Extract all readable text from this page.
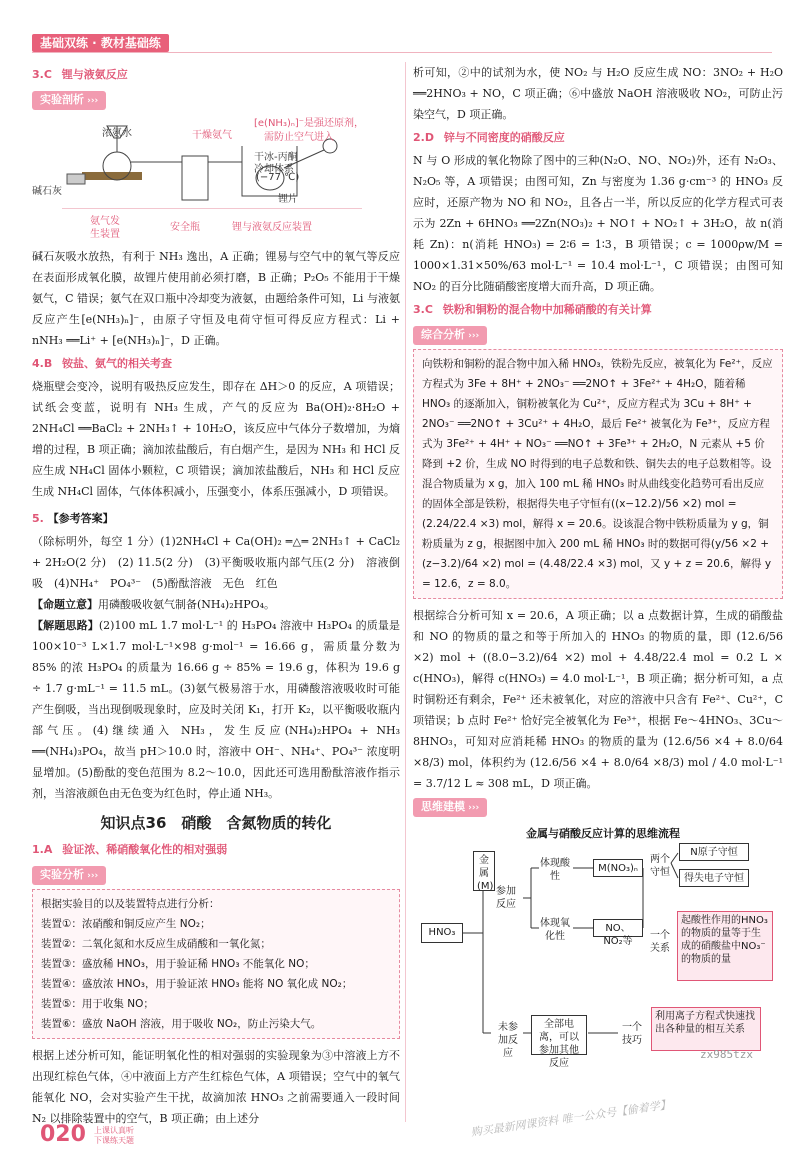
基础双练 · 教材基础练
3.C 锂与液氨反应
实验剖析 ›››
浓氨水	干燥氨气
[e(NH₃)ₙ]⁻是强还原剂，
需防止空气进入
干冰-丙酮
冷却体系
(−77 ℃)
碱石灰
锂片
氨气发
生装置
安全瓶	锂与液氨反应装置

碱石灰吸水放热，有利于 NH₃ 逸出，A 正确；锂易与空气中的氧气等反应在表面形成氧化膜，故锂片使用前必须打磨，B 正确；P₂O₅ 不能用于干燥氨气，C 错误；氨气在双口瓶中冷却变为液氨，由题给条件可知，Li 与液氨反应产生[e(NH₃)ₙ]⁻，由原子守恒及电荷守恒可得反应方程式：Li + nNH₃ ══Li⁺ + [e(NH₃)ₙ]⁻，D 正确。

4.B 铵盐、氨气的相关考查

烧瓶壁会变冷，说明有吸热反应发生，即存在 ΔH＞0 的反应，A 项错误；试纸会变蓝，说明有 NH₃ 生成，产气的反应为 Ba(OH)₂·8H₂O + 2NH₄Cl ══BaCl₂ + 2NH₃↑ + 10H₂O，该反应中气体分子数增加，为熵增的过程，B 项正确；滴加浓盐酸后，有白烟产生，是因为 NH₃ 和 HCl 反应生成 NH₄Cl 固体小颗粒，C 项错误；滴加浓盐酸后，NH₃ 和 HCl 反应生成 NH₄Cl 固体，气体体积减小，压强变小，体系压强减小，D 项错误。

5. 【参考答案】

（除标明外，每空 1 分）(1)2NH₄Cl + Ca(OH)₂ ═△═ 2NH₃↑ + CaCl₂ + 2H₂O(2 分)　(2) 11.5(2 分)　(3)平衡吸收瓶内部气压(2 分)　溶液倒吸　(4)NH₄⁺　PO₄³⁻　(5)酚酞溶液　无色　红色

【命题立意】用磷酸吸收氨气制备(NH₄)₂HPO₄。

【解题思路】(2)100 mL 1.7 mol·L⁻¹ 的 H₃PO₄ 溶液中 H₃PO₄ 的质量是 100×10⁻³ L×1.7 mol·L⁻¹×98 g·mol⁻¹ = 16.66 g，需质量分数为 85% 的浓 H₃PO₄ 的质量为 16.66 g ÷ 85% = 19.6 g，体积为 19.6 g ÷ 1.7 g·mL⁻¹ = 11.5 mL。(3)氨气极易溶于水，用磷酸溶液吸收时可能产生倒吸，当出现倒吸现象时，应及时关闭 K₁，打开 K₂，以平衡吸收瓶内部气压。(4)继续通入 NH₃，发生反应(NH₄)₂HPO₄ + NH₃ ══(NH₄)₃PO₄，故当 pH＞10.0 时，溶液中 OH⁻、NH₄⁺、PO₄³⁻ 浓度明显增加。(5)酚酞的变色范围为 8.2～10.0，因此还可选用酚酞溶液作指示剂，当溶液颜色由无色变为红色时，停止通 NH₃。

知识点36　硝酸　含氮物质的转化
1.A 验证浓、稀硝酸氧化性的相对强弱
实验分析 ›››

根据实验目的以及装置特点进行分析：

装置①：浓硝酸和铜反应产生 NO₂；

装置②：二氧化氮和水反应生成硝酸和一氧化氮；

装置③：盛放稀 HNO₃，用于验证稀 HNO₃ 不能氧化 NO；

装置④：盛放浓 HNO₃，用于验证浓 HNO₃ 能将 NO 氧化成 NO₂；

装置⑤：用于收集 NO；

装置⑥：盛放 NaOH 溶液，用于吸收 NO₂，防止污染大气。

根据上述分析可知，能证明氧化性的相对强弱的实验现象为③中溶液上方不出现红棕色气体，④中液面上方产生红棕色气体，A 项错误；空气中的氧气能氧化 NO，会对实验产生干扰，故滴加浓 HNO₃ 之前需要通入一段时间 N₂ 以排除装置中的空气，B 项正确；由上述分

析可知，②中的试剂为水，使 NO₂ 与 H₂O 反应生成 NO：3NO₂ + H₂O ══2HNO₃ + NO，C 项正确；⑥中盛放 NaOH 溶液吸收 NO₂，可防止污染空气，D 项正确。

2.D 锌与不同密度的硝酸反应

N 与 O 形成的氧化物除了图中的三种(N₂O、NO、NO₂)外，还有 N₂O₃、N₂O₅ 等，A 项错误；由图可知，Zn 与密度为 1.36 g·cm⁻³ 的 HNO₃ 反应时，还原产物为 NO 和 NO₂，且各占一半，所以反应的化学方程式可表示为 2Zn + 6HNO₃ ══2Zn(NO₃)₂ + NO↑ + NO₂↑ + 3H₂O，故 n(消耗 Zn)：n(消耗 HNO₃) = 2∶6 = 1∶3，B 项错误；c = 1000ρw/M = 1000×1.31×50%/63 mol·L⁻¹ = 10.4 mol·L⁻¹，C 项错误；由图可知 NO₂ 的百分比随硝酸密度增大而升高，D 项正确。

3.C 铁粉和铜粉的混合物中加稀硝酸的有关计算
综合分析 ›››

向铁粉和铜粉的混合物中加入稀 HNO₃，铁粉先反应，被氧化为 Fe²⁺，反应方程式为 3Fe + 8H⁺ + 2NO₃⁻ ══2NO↑ + 3Fe²⁺ + 4H₂O，随着稀 HNO₃ 的逐渐加入，铜粉被氧化为 Cu²⁺，反应方程式为 3Cu + 8H⁺ + 2NO₃⁻ ══2NO↑ + 3Cu²⁺ + 4H₂O，最后 Fe²⁺ 被氧化为 Fe³⁺，反应方程式为 3Fe²⁺ + 4H⁺ + NO₃⁻ ══NO↑ + 3Fe³⁺ + 2H₂O，N 元素从 +5 价降到 +2 价，生成 NO 时得到的电子总数和铁、铜失去的电子总数相等。设混合物质量为 x g，加入 100 mL 稀 HNO₃ 时从曲线变化趋势可看出反应的固体全部是铁粉，根据得失电子守恒有((x−12.2)/56 ×2) mol = (2.24/22.4 ×3) mol，解得 x = 20.6。设该混合物中铁粉质量为 y g，铜粉质量为 z g，根据图中加入 200 mL 稀 HNO₃ 时的数据可得(y/56 ×2 + (z−3.2)/64 ×2) mol = (4.48/22.4 ×3) mol，又 y + z = 20.6，解得 y = 12.6，z = 8.0。

根据综合分析可知 x = 20.6，A 项正确；以 a 点数据计算，生成的硝酸盐和 NO 的物质的量之和等于所加入的 HNO₃ 的物质的量，即 (12.6/56 ×2) mol + ((8.0−3.2)/64 ×2) mol + 4.48/22.4 mol = 0.2 L × c(HNO₃)，解得 c(HNO₃) = 4.0 mol·L⁻¹，B 项正确；据分析可知，a 点时铜粉还有剩余，Fe²⁺ 还未被氧化，对应的溶液中只含有 Fe²⁺、Cu²⁺，C 项错误；b 点时 Fe²⁺ 恰好完全被氧化为 Fe³⁺，根据 Fe～4HNO₃、3Cu～8HNO₃，可知对应消耗稀 HNO₃ 的物质的量为 (12.6/56 ×4 + 8.0/64 ×8/3) mol，体积约为 (12.6/56 ×4 + 8.0/64 ×8/3) mol / 4.0 mol·L⁻¹ = 3.7/12 L ≈ 308 mL，D 项正确。

思维建模 ›››
金属与硝酸反应计算的思维流程
金属(M)
HNO₃
参加反应
未参加反应
体现酸性
体现氧化性
M(NO₃)ₙ
NO、NO₂等
两个守恒
N原子守恒
得失电子守恒
一个关系
起酸性作用的HNO₃的物质的量等于生成的硝酸盐中NO₃⁻的物质的量
全部电离，可以参加其他反应
一个技巧
利用离子方程式快速找出各种量的相互关系
zx985tzx
购买最新网课资料 唯一公众号【偷着学】
020 上课认真听
下课练天题
